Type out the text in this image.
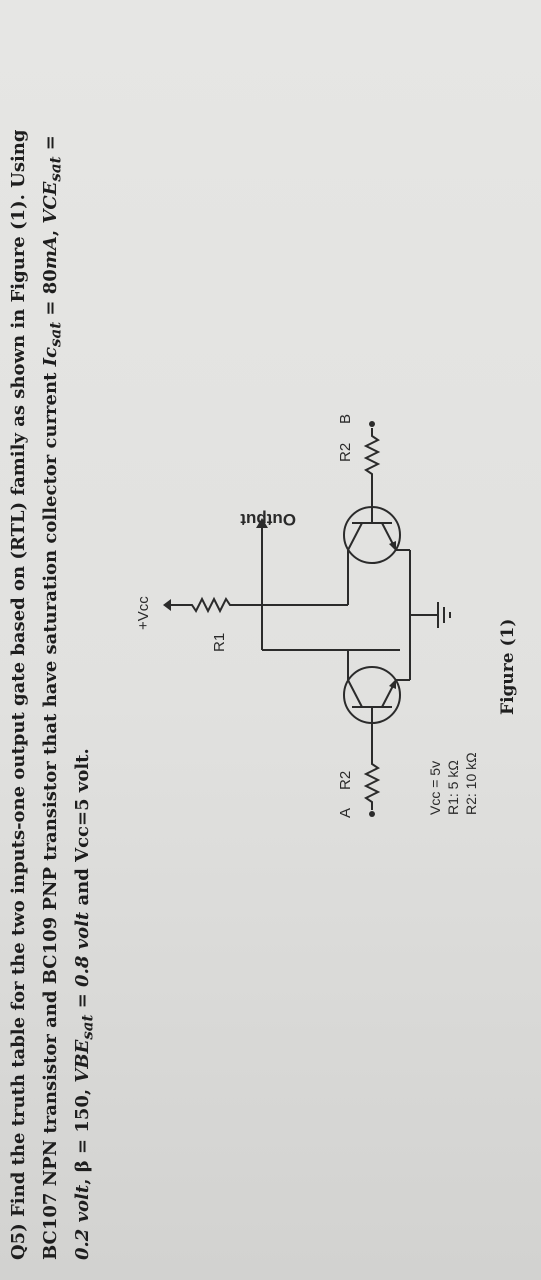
Q5) Find the truth table for the two inputs-one output gate based on (RTL) family as shown in Figure (1). Using BC107 NPN transistor and BC109 PNP transistor that have saturation collector current $Ic_{sat} = 80mA$, $VCE_{sat}$ =
0.2 volt, β = 150, $VBE_{sat} = 0.8$ volt and Vcc=5 volt.
+Vcc
R1
Output
A
R2
B
R2
Vcc = 5v R1: 5 kΩ R2: 10 kΩ
Figure (1)
